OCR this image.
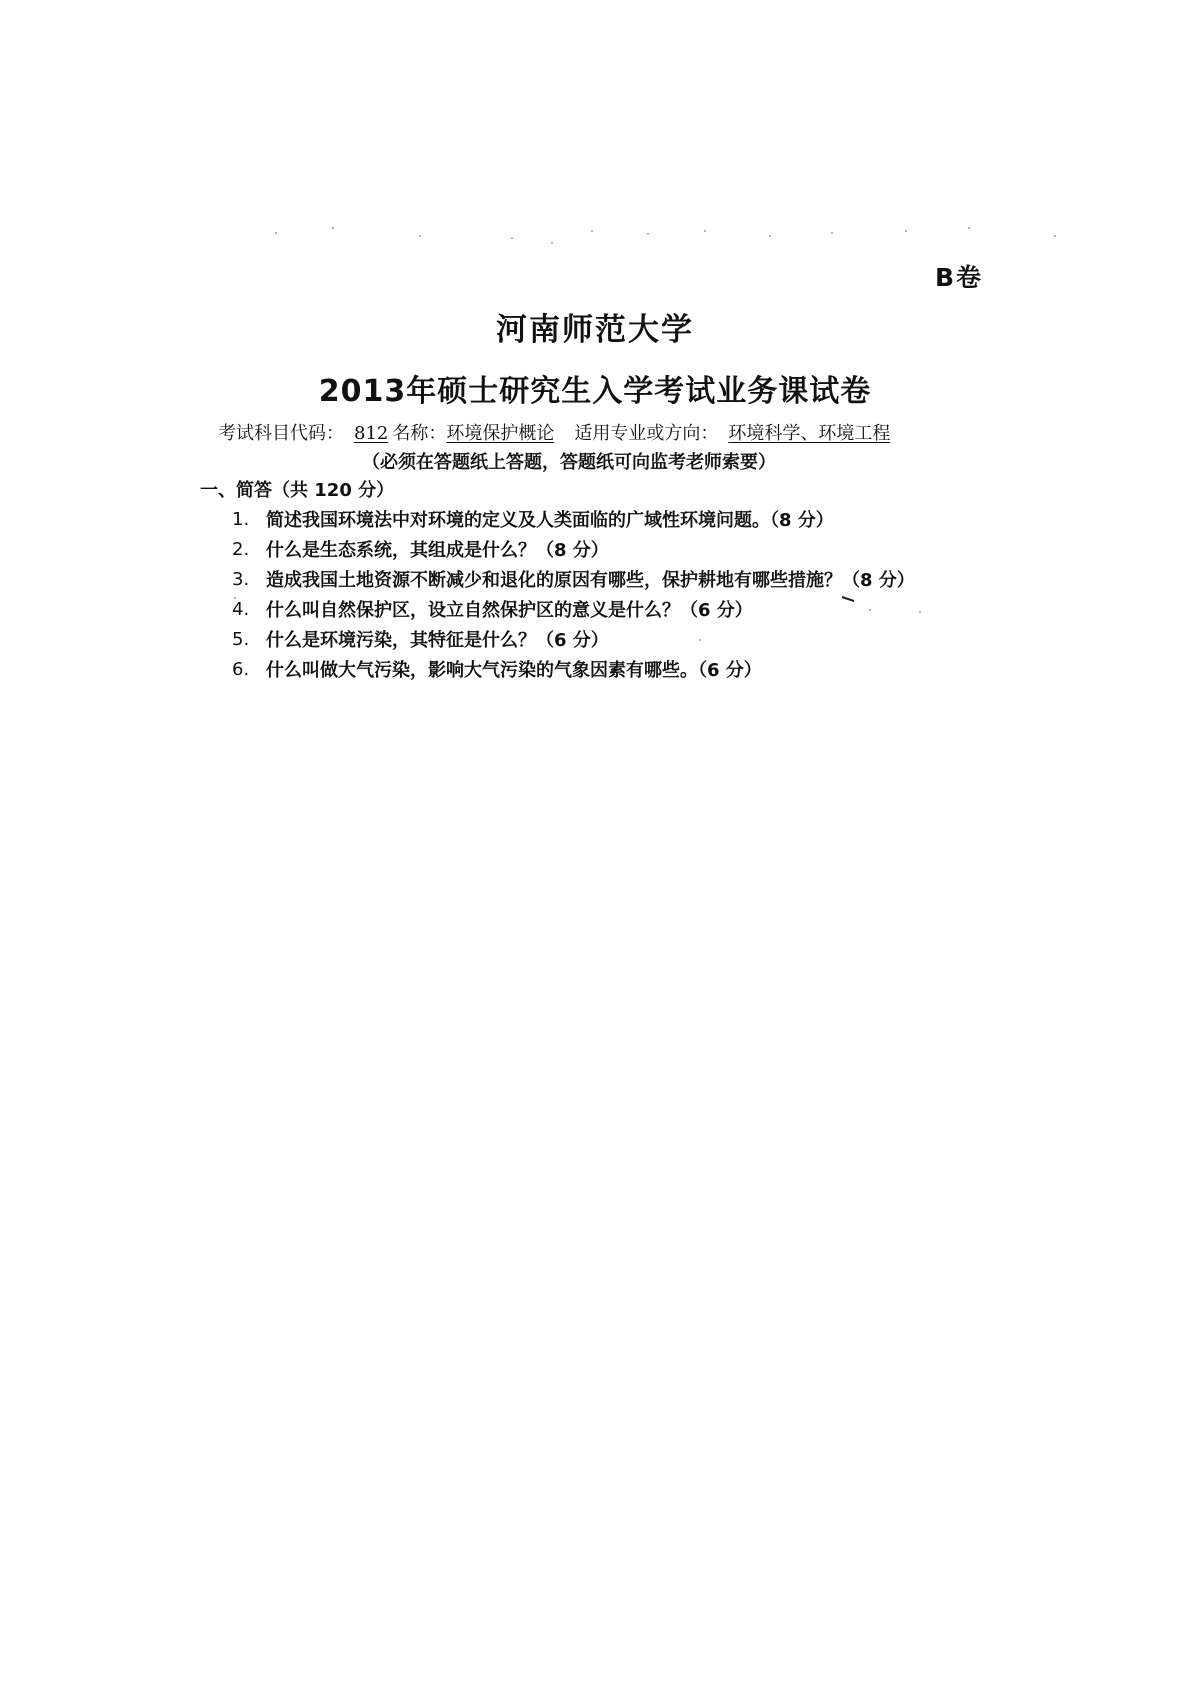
B卷
河南师范大学
2013年硕士研究生入学考试业务课试卷
考试科目代码： 812 名称： 环境保护概论 适用专业或方向： 环境科学、环境工程
（必须在答题纸上答题，答题纸可向监考老师索要）
一、简答（共 120 分）
1. 简述我国环境法中对环境的定义及人类面临的广域性环境问题。（8 分）
2. 什么是生态系统，其组成是什么？（8 分）
3. 造成我国土地资源不断减少和退化的原因有哪些，保护耕地有哪些措施？（8 分）
4. 什么叫自然保护区，设立自然保护区的意义是什么？（6 分）
5. 什么是环境污染，其特征是什么？（6 分）
6. 什么叫做大气污染，影响大气污染的气象因素有哪些。（6 分）
